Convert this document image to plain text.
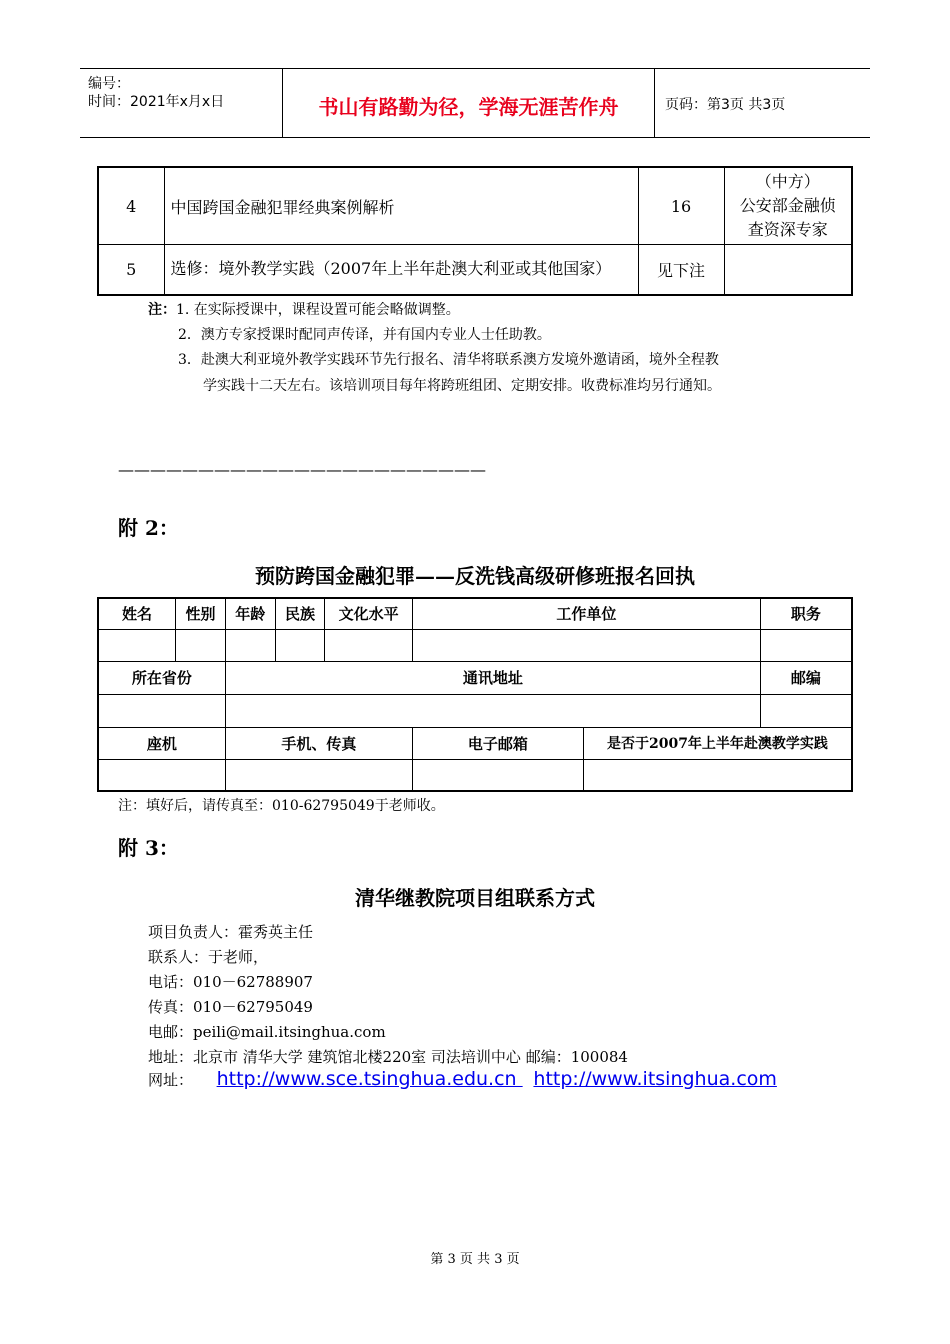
编号：
时间：2021年x月x日	书山有路勤为径，学海无涯苦作舟	页码：第3页 共3页
4	中国跨国金融犯罪经典案例解析	16	（中方）
公安部金融侦
查资深专家

5	选修：境外教学实践（2007年上半年赴澳大利亚或其他国家）	见下注	
注：1. 在实际授课中，课程设置可能会略做调整。
2．澳方专家授课时配同声传译，并有国内专业人士任助教。
3．赴澳大利亚境外教学实践环节先行报名、清华将联系澳方发境外邀请函，境外全程教
学实践十二天左右。该培训项目每年将跨班组团、定期安排。收费标准均另行通知。
———————————————————————
附 2：
预防跨国金融犯罪——反洗钱高级研修班报名回执
姓名	性别	年龄	民族	文化水平	工作单位		职务

所在省份		通讯地址					邮编

座机		手机、传真			电子邮箱	是否于2007年上半年赴澳教学实践	

注：填好后，请传真至：010-62795049于老师收。
附 3：
清华继教院项目组联系方式
项目负责人：霍秀英主任
联系人：于老师，
电话：010－62788907
传真：010－62795049
电邮：peili@mail.itsinghua.com
地址：北京市 清华大学 建筑馆北楼220室 司法培训中心 邮编：100084
网址： http://www.sce.tsinghua.edu.cn  http://www.itsinghua.com
第 3 页 共 3 页
